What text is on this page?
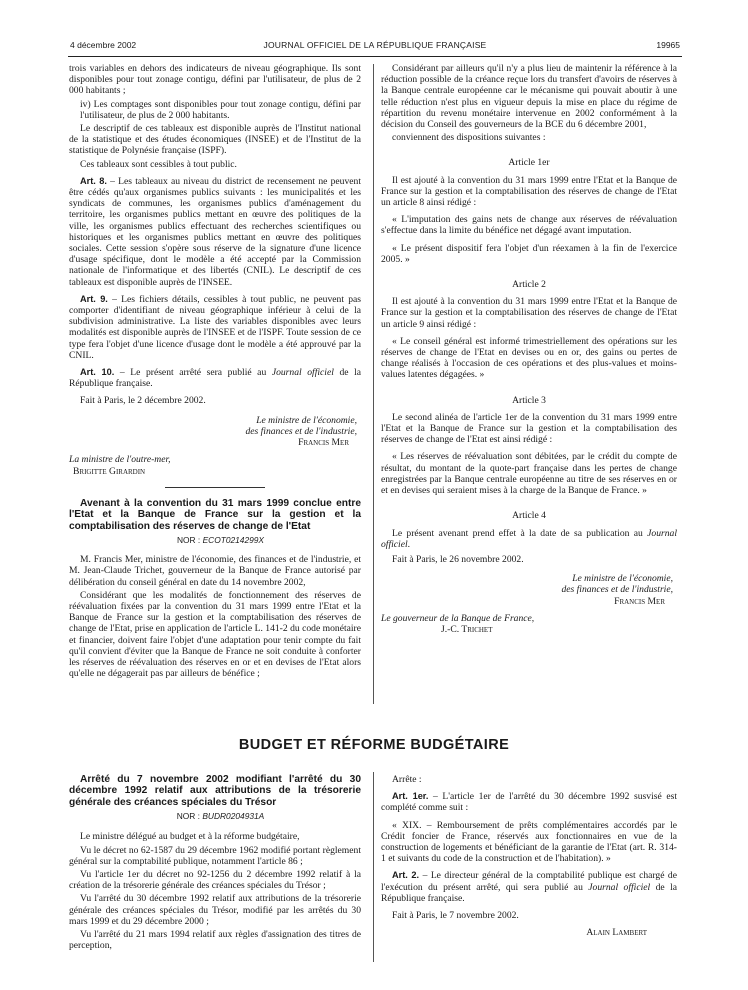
4 décembre 2002	JOURNAL OFFICIEL DE LA RÉPUBLIQUE FRANÇAISE	19965

trois variables en dehors des indicateurs de niveau géographique. Ils sont disponibles pour tout zonage contigu, défini par l'utilisateur, de plus de 2 000 habitants ;

iv) Les comptages sont disponibles pour tout zonage contigu, défini par l'utilisateur, de plus de 2 000 habitants.

Le descriptif de ces tableaux est disponible auprès de l'Institut national de la statistique et des études économiques (INSEE) et de l'Institut de la statistique de Polynésie française (ISPF).

Ces tableaux sont cessibles à tout public.

Art. 8. – Les tableaux au niveau du district de recensement ne peuvent être cédés qu'aux organismes publics suivants : les municipalités et les syndicats de communes, les organismes publics d'aménagement du territoire, les organismes publics mettant en œuvre des politiques de la ville, les organismes publics effectuant des recherches scientifiques ou historiques et les organismes publics mettant en œuvre des politiques sociales. Cette session s'opère sous réserve de la signature d'une licence d'usage spécifique, dont le modèle a été accepté par la Commission nationale de l'informatique et des libertés (CNIL). Le descriptif de ces tableaux est disponible auprès de l'INSEE.

Art. 9. – Les fichiers détails, cessibles à tout public, ne peuvent pas comporter d'identifiant de niveau géographique inférieur à celui de la subdivision administrative. La liste des variables disponibles avec leurs modalités est disponible auprès de l'INSEE et de l'ISPF. Toute session de ce type fera l'objet d'une licence d'usage dont le modèle a été approuvé par la CNIL.

Art. 10. – Le présent arrêté sera publié au Journal officiel de la République française.

Fait à Paris, le 2 décembre 2002.

Le ministre de l'économie,

des finances et de l'industrie,

Francis Mer

La ministre de l'outre-mer,

Brigitte Girardin

Avenant à la convention du 31 mars 1999 conclue entre l'Etat et la Banque de France sur la gestion et la comptabilisation des réserves de change de l'Etat

NOR : ECOT0214299X

M. Francis Mer, ministre de l'économie, des finances et de l'industrie, et M. Jean-Claude Trichet, gouverneur de la Banque de France autorisé par délibération du conseil général en date du 14 novembre 2002,

Considérant que les modalités de fonctionnement des réserves de réévaluation fixées par la convention du 31 mars 1999 entre l'Etat et la Banque de France sur la gestion et la comptabilisation des réserves de change de l'Etat, prise en application de l'article L. 141-2 du code monétaire et financier, doivent faire l'objet d'une adaptation pour tenir compte du fait qu'il convient d'éviter que la Banque de France ne soit conduite à conforter les réserves de réévaluation des réserves en or et en devises de l'Etat alors qu'elle ne dégagerait pas par ailleurs de bénéfice ;

Considérant par ailleurs qu'il n'y a plus lieu de maintenir la référence à la réduction possible de la créance reçue lors du transfert d'avoirs de réserves à la Banque centrale européenne car le mécanisme qui pouvait aboutir à une telle réduction n'est plus en vigueur depuis la mise en place du régime de répartition du revenu monétaire intervenue en 2002 conformément à la décision du Conseil des gouverneurs de la BCE du 6 décembre 2001,

conviennent des dispositions suivantes :

Article 1er

Il est ajouté à la convention du 31 mars 1999 entre l'Etat et la Banque de France sur la gestion et la comptabilisation des réserves de change de l'Etat un article 8 ainsi rédigé :

« L'imputation des gains nets de change aux réserves de réévaluation s'effectue dans la limite du bénéfice net dégagé avant imputation.

« Le présent dispositif fera l'objet d'un réexamen à la fin de l'exercice 2005. »

Article 2

Il est ajouté à la convention du 31 mars 1999 entre l'Etat et la Banque de France sur la gestion et la comptabilisation des réserves de change de l'Etat un article 9 ainsi rédigé :

« Le conseil général est informé trimestriellement des opérations sur les réserves de change de l'Etat en devises ou en or, des gains ou pertes de change réalisés à l'occasion de ces opérations et des plus-values et moins-values latentes dégagées. »

Article 3

Le second alinéa de l'article 1er de la convention du 31 mars 1999 entre l'Etat et la Banque de France sur la gestion et la comptabilisation des réserves de change de l'Etat est ainsi rédigé :

« Les réserves de réévaluation sont débitées, par le crédit du compte de résultat, du montant de la quote-part française dans les pertes de change enregistrées par la Banque centrale européenne au titre de ses réserves en or et en devises qui seraient mises à la charge de la Banque de France. »

Article 4

Le présent avenant prend effet à la date de sa publication au Journal officiel.

Fait à Paris, le 26 novembre 2002.

Le ministre de l'économie,

des finances et de l'industrie,

Francis Mer

Le gouverneur de la Banque de France,

J.-C. Trichet

BUDGET ET RÉFORME BUDGÉTAIRE

Arrêté du 7 novembre 2002 modifiant l'arrêté du 30 décembre 1992 relatif aux attributions de la trésorerie générale des créances spéciales du Trésor

NOR : BUDR0204931A

Le ministre délégué au budget et à la réforme budgétaire,

Vu le décret no 62-1587 du 29 décembre 1962 modifié portant règlement général sur la comptabilité publique, notamment l'article 86 ;

Vu l'article 1er du décret no 92-1256 du 2 décembre 1992 relatif à la création de la trésorerie générale des créances spéciales du Trésor ;

Vu l'arrêté du 30 décembre 1992 relatif aux attributions de la trésorerie générale des créances spéciales du Trésor, modifié par les arrêtés du 30 mars 1999 et du 29 décembre 2000 ;

Vu l'arrêté du 21 mars 1994 relatif aux règles d'assignation des titres de perception,

Arrête :

Art. 1er. – L'article 1er de l'arrêté du 30 décembre 1992 susvisé est complété comme suit :

« XIX. – Remboursement de prêts complémentaires accordés par le Crédit foncier de France, réservés aux fonctionnaires en vue de la construction de logements et bénéficiant de la garantie de l'Etat (art. R. 314-1 et suivants du code de la construction et de l'habitation). »

Art. 2. – Le directeur général de la comptabilité publique est chargé de l'exécution du présent arrêté, qui sera publié au Journal officiel de la République française.

Fait à Paris, le 7 novembre 2002.

Alain Lambert
